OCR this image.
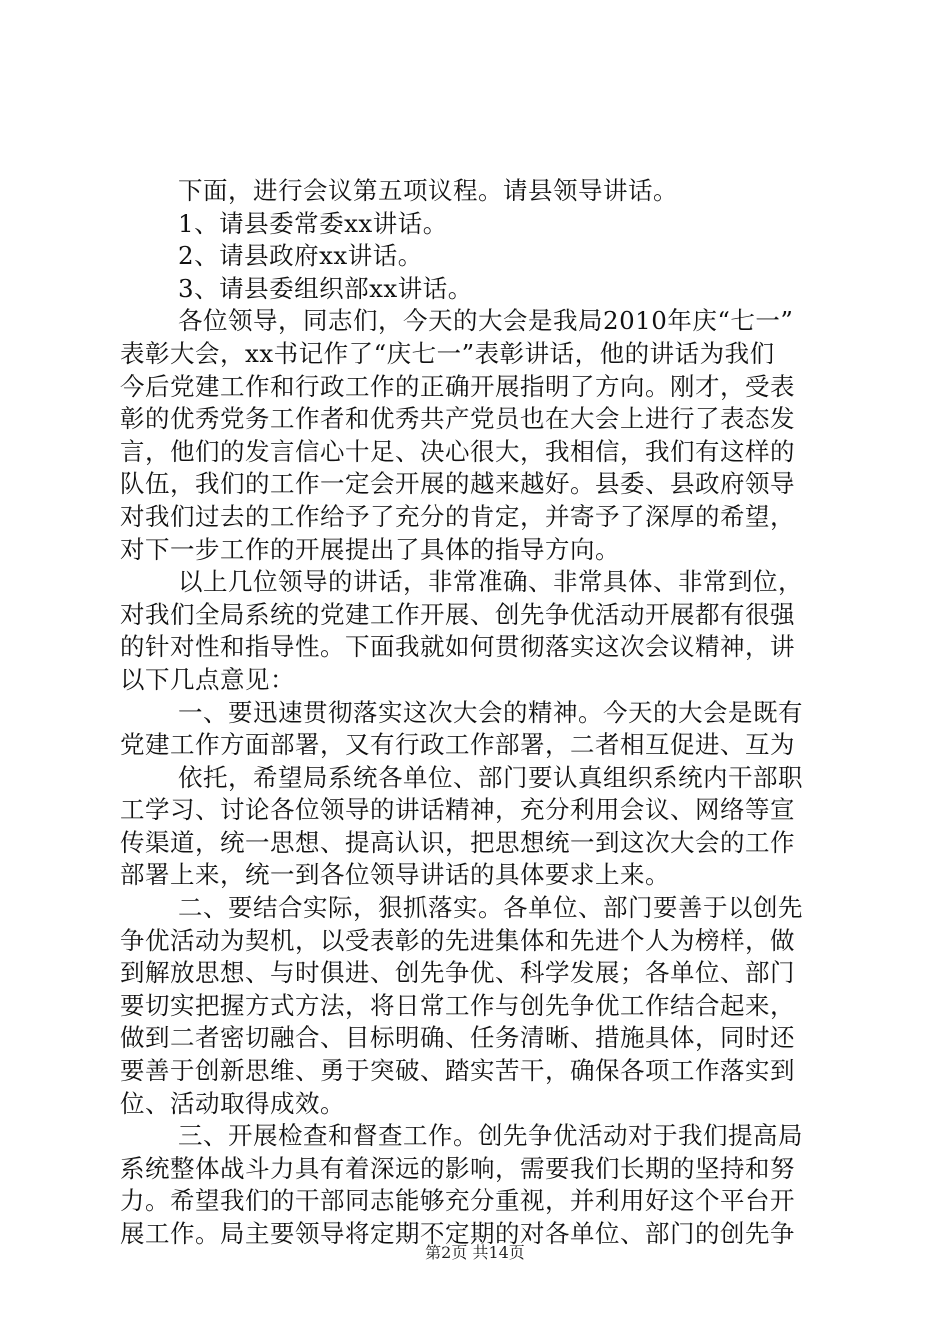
下面，进行会议第五项议程。请县领导讲话。
1、请县委常委xx讲话。
2、请县政府xx讲话。
3、请县委组织部xx讲话。
各位领导，同志们，今天的大会是我局2010年庆“七一”
表彰大会，xx书记作了“庆七一”表彰讲话，他的讲话为我们
今后党建工作和行政工作的正确开展指明了方向。刚才，受表
彰的优秀党务工作者和优秀共产党员也在大会上进行了表态发
言，他们的发言信心十足、决心很大，我相信，我们有这样的
队伍，我们的工作一定会开展的越来越好。县委、县政府领导
对我们过去的工作给予了充分的肯定，并寄予了深厚的希望，
对下一步工作的开展提出了具体的指导方向。
以上几位领导的讲话，非常准确、非常具体、非常到位，
对我们全局系统的党建工作开展、创先争优活动开展都有很强
的针对性和指导性。下面我就如何贯彻落实这次会议精神，讲
以下几点意见：
一、要迅速贯彻落实这次大会的精神。今天的大会是既有
党建工作方面部署，又有行政工作部署，二者相互促进、互为
依托，希望局系统各单位、部门要认真组织系统内干部职
工学习、讨论各位领导的讲话精神，充分利用会议、网络等宣
传渠道，统一思想、提高认识，把思想统一到这次大会的工作
部署上来，统一到各位领导讲话的具体要求上来。
二、要结合实际，狠抓落实。各单位、部门要善于以创先
争优活动为契机，以受表彰的先进集体和先进个人为榜样，做
到解放思想、与时俱进、创先争优、科学发展；各单位、部门
要切实把握方式方法，将日常工作与创先争优工作结合起来，
做到二者密切融合、目标明确、任务清晰、措施具体，同时还
要善于创新思维、勇于突破、踏实苦干，确保各项工作落实到
位、活动取得成效。
三、开展检查和督查工作。创先争优活动对于我们提高局
系统整体战斗力具有着深远的影响，需要我们长期的坚持和努
力。希望我们的干部同志能够充分重视，并利用好这个平台开
展工作。局主要领导将定期不定期的对各单位、部门的创先争
第2页 共14页
